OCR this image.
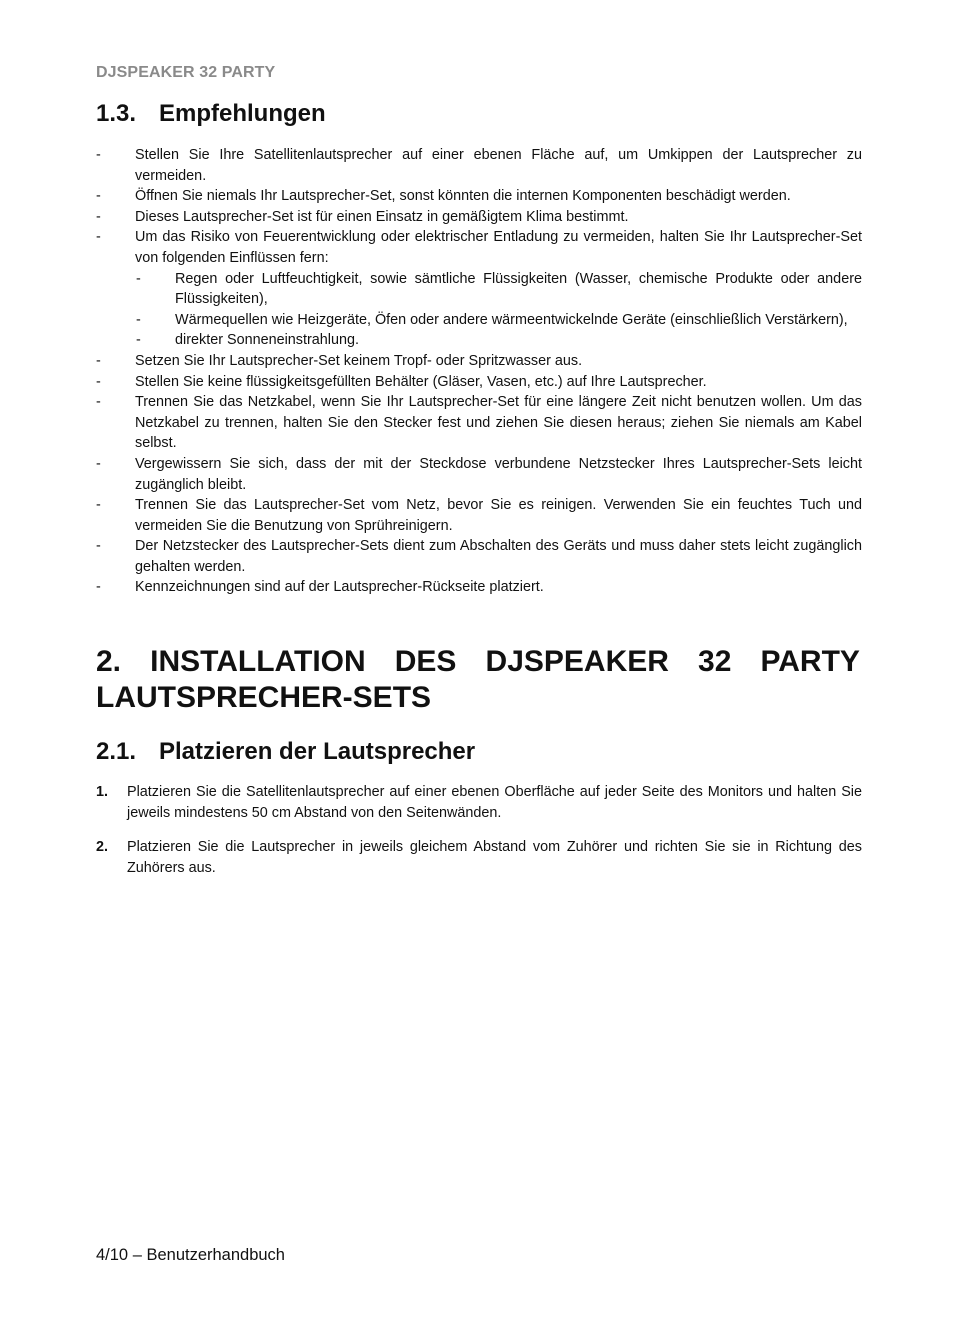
DJSPEAKER 32 PARTY
1.3. Empfehlungen
- Stellen Sie Ihre Satellitenlautsprecher auf einer ebenen Fläche auf, um Umkippen der Lautsprecher zu vermeiden.
- Öffnen Sie niemals Ihr Lautsprecher-Set, sonst könnten die internen Komponenten beschädigt werden.
- Dieses Lautsprecher-Set ist für einen Einsatz in gemäßigtem Klima bestimmt.
- Um das Risiko von Feuerentwicklung oder elektrischer Entladung zu vermeiden, halten Sie Ihr Lautsprecher-Set von folgenden Einflüssen fern:
- Regen oder Luftfeuchtigkeit, sowie sämtliche Flüssigkeiten (Wasser, chemische Produkte oder andere Flüssigkeiten),
- Wärmequellen wie Heizgeräte, Öfen oder andere wärmeentwickelnde Geräte (einschließlich Verstärkern),
- direkter Sonneneinstrahlung.
- Setzen Sie Ihr Lautsprecher-Set keinem Tropf- oder Spritzwasser aus.
- Stellen Sie keine flüssigkeitsgefüllten Behälter (Gläser, Vasen, etc.) auf Ihre Lautsprecher.
- Trennen Sie das Netzkabel, wenn Sie Ihr Lautsprecher-Set für eine längere Zeit nicht benutzen wollen. Um das Netzkabel zu trennen, halten Sie den Stecker fest und ziehen Sie diesen heraus; ziehen Sie niemals am Kabel selbst.
- Vergewissern Sie sich, dass der mit der Steckdose verbundene Netzstecker Ihres Lautsprecher-Sets leicht zugänglich bleibt.
- Trennen Sie das Lautsprecher-Set vom Netz, bevor Sie es reinigen. Verwenden Sie ein feuchtes Tuch und vermeiden Sie die Benutzung von Sprühreinigern.
- Der Netzstecker des Lautsprecher-Sets dient zum Abschalten des Geräts und muss daher stets leicht zugänglich gehalten werden.
- Kennzeichnungen sind auf der Lautsprecher-Rückseite platziert.
2. INSTALLATION DES DJSPEAKER 32 PARTY
LAUTSPRECHER-SETS
2.1. Platzieren der Lautsprecher
1. Platzieren Sie die Satellitenlautsprecher auf einer ebenen Oberfläche auf jeder Seite des Monitors und halten Sie jeweils mindestens 50 cm Abstand von den Seitenwänden.
2. Platzieren Sie die Lautsprecher in jeweils gleichem Abstand vom Zuhörer und richten Sie sie in Richtung des Zuhörers aus.
4/10 – Benutzerhandbuch
